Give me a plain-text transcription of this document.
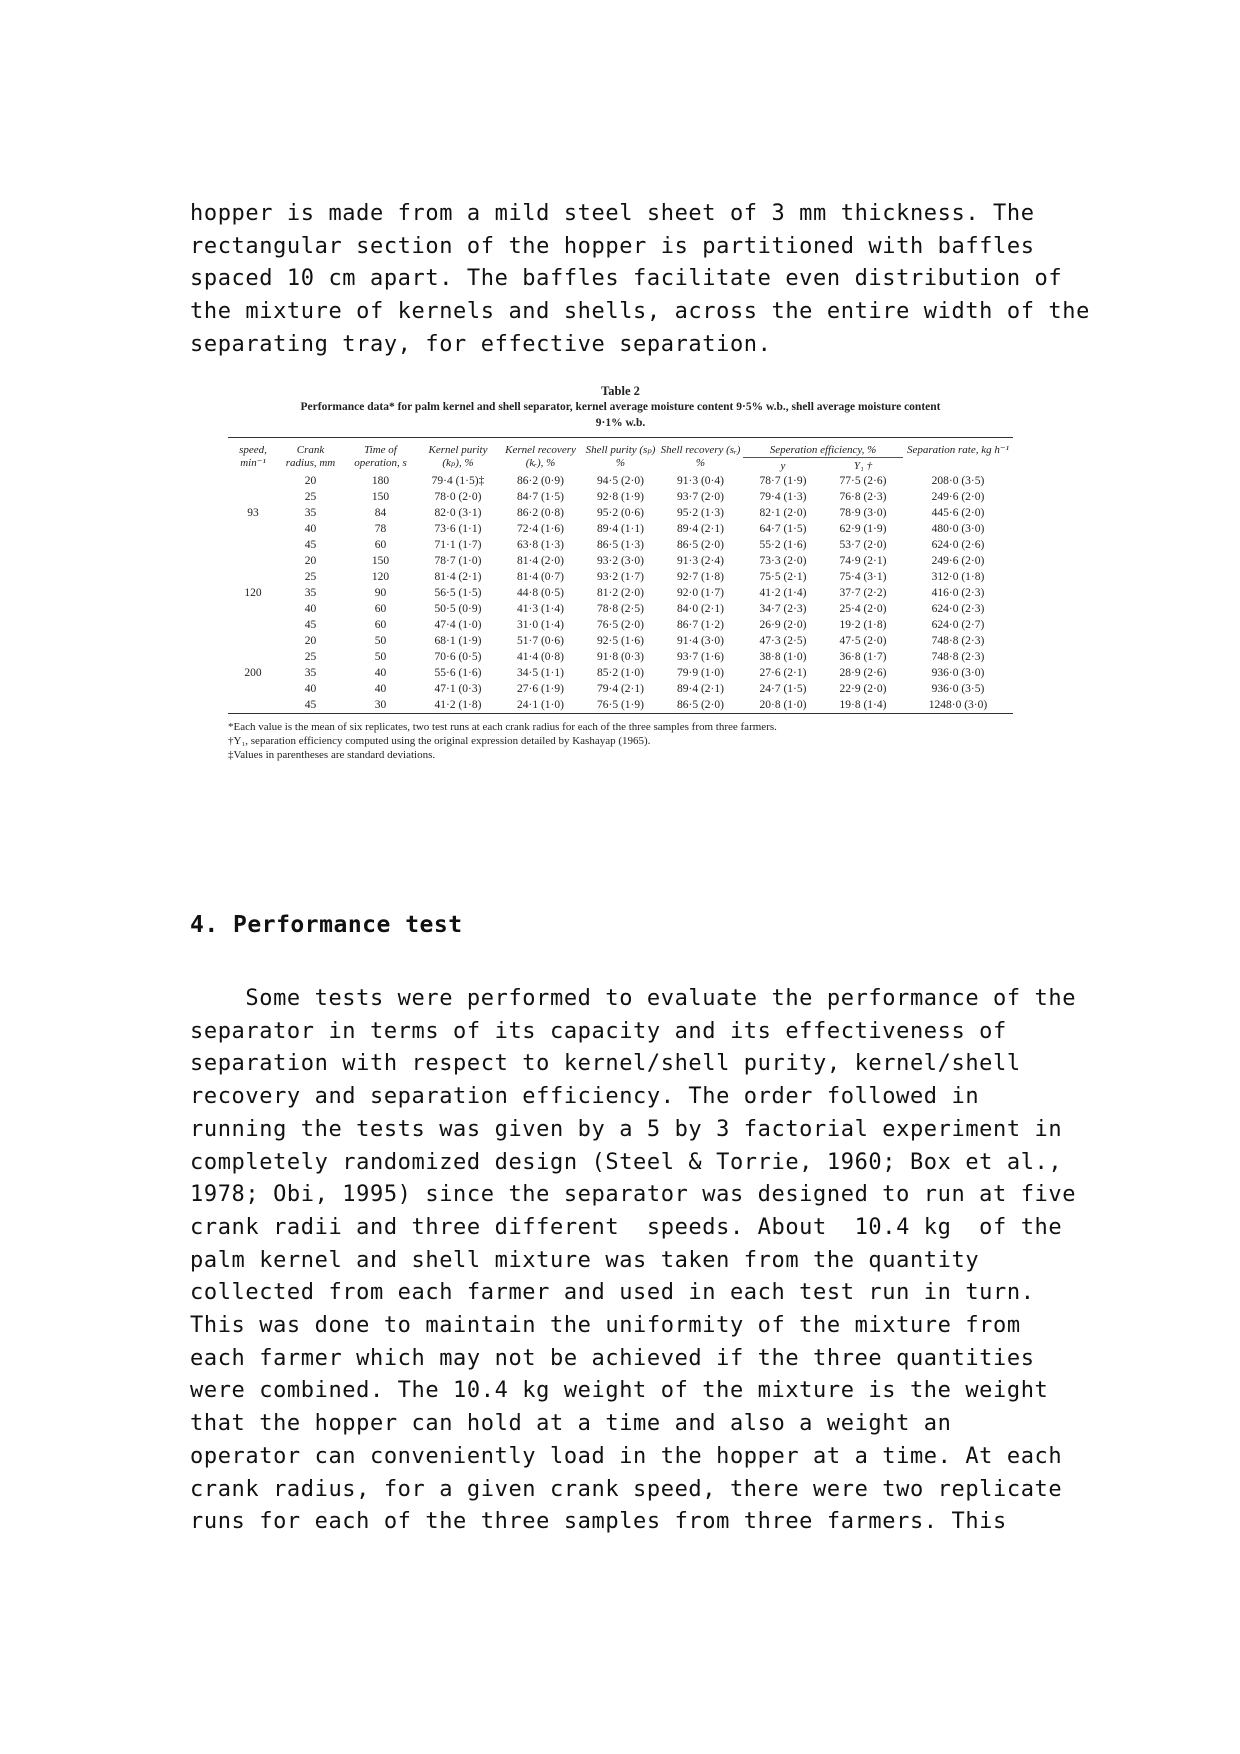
hopper is made from a mild steel sheet of 3 mm thickness. The
rectangular section of the hopper is partitioned with baffles
spaced 10 cm apart. The baffles facilitate even distribution of
the mixture of kernels and shells, across the entire width of the
separating tray, for effective separation.
Table 2
Performance data* for palm kernel and shell separator, kernel average moisture content 9·5% w.b., shell average moisture content
9·1% w.b.
speed, min⁻¹	Crank radius, mm	Time of operation, s	Kernel purity (kₚ), %	Kernel recovery (kᵣ), %	Shell purity (sₚ) %	Shell recovery (sᵣ) %	Seperation efficiency, %		Separation rate, kg h⁻¹
							y	Y₁ †	
93	20	180	79·4 (1·5)‡	86·2 (0·9)	94·5 (2·0)	91·3 (0·4)	78·7 (1·9)	77·5 (2·6)	208·0 (3·5)
	25	150	78·0 (2·0)	84·7 (1·5)	92·8 (1·9)	93·7 (2·0)	79·4 (1·3)	76·8 (2·3)	249·6 (2·0)
	35	84	82·0 (3·1)	86·2 (0·8)	95·2 (0·6)	95·2 (1·3)	82·1 (2·0)	78·9 (3·0)	445·6 (2·0)
	40	78	73·6 (1·1)	72·4 (1·6)	89·4 (1·1)	89·4 (2·1)	64·7 (1·5)	62·9 (1·9)	480·0 (3·0)
	45	60	71·1 (1·7)	63·8 (1·3)	86·5 (1·3)	86·5 (2·0)	55·2 (1·6)	53·7 (2·0)	624·0 (2·6)
120	20	150	78·7 (1·0)	81·4 (2·0)	93·2 (3·0)	91·3 (2·4)	73·3 (2·0)	74·9 (2·1)	249·6 (2·0)
	25	120	81·4 (2·1)	81·4 (0·7)	93·2 (1·7)	92·7 (1·8)	75·5 (2·1)	75·4 (3·1)	312·0 (1·8)
	35	90	56·5 (1·5)	44·8 (0·5)	81·2 (2·0)	92·0 (1·7)	41·2 (1·4)	37·7 (2·2)	416·0 (2·3)
	40	60	50·5 (0·9)	41·3 (1·4)	78·8 (2·5)	84·0 (2·1)	34·7 (2·3)	25·4 (2·0)	624·0 (2·3)
	45	60	47·4 (1·0)	31·0 (1·4)	76·5 (2·0)	86·7 (1·2)	26·9 (2·0)	19·2 (1·8)	624·0 (2·7)
200	20	50	68·1 (1·9)	51·7 (0·6)	92·5 (1·6)	91·4 (3·0)	47·3 (2·5)	47·5 (2·0)	748·8 (2·3)
	25	50	70·6 (0·5)	41·4 (0·8)	91·8 (0·3)	93·7 (1·6)	38·8 (1·0)	36·8 (1·7)	748·8 (2·3)
	35	40	55·6 (1·6)	34·5 (1·1)	85·2 (1·0)	79·9 (1·0)	27·6 (2·1)	28·9 (2·6)	936·0 (3·0)
	40	40	47·1 (0·3)	27·6 (1·9)	79·4 (2·1)	89·4 (2·1)	24·7 (1·5)	22·9 (2·0)	936·0 (3·5)
	45	30	41·2 (1·8)	24·1 (1·0)	76·5 (1·9)	86·5 (2·0)	20·8 (1·0)	19·8 (1·4)	1248·0 (3·0)
*Each value is the mean of six replicates, two test runs at each crank radius for each of the three samples from three farmers.
†Y₁, separation efficiency computed using the original expression detailed by Kashayap (1965).
‡Values in parentheses are standard deviations.
4. Performance test
Some tests were performed to evaluate the performance of the
separator in terms of its capacity and its effectiveness of
separation with respect to kernel/shell purity, kernel/shell
recovery and separation efficiency. The order followed in
running the tests was given by a 5 by 3 factorial experiment in
completely randomized design (Steel & Torrie, 1960; Box et al.,
1978; Obi, 1995) since the separator was designed to run at five
crank radii and three different  speeds. About  10.4 kg  of the
palm kernel and shell mixture was taken from the quantity
collected from each farmer and used in each test run in turn.
This was done to maintain the uniformity of the mixture from
each farmer which may not be achieved if the three quantities
were combined. The 10.4 kg weight of the mixture is the weight
that the hopper can hold at a time and also a weight an
operator can conveniently load in the hopper at a time. At each
crank radius, for a given crank speed, there were two replicate
runs for each of the three samples from three farmers. This
